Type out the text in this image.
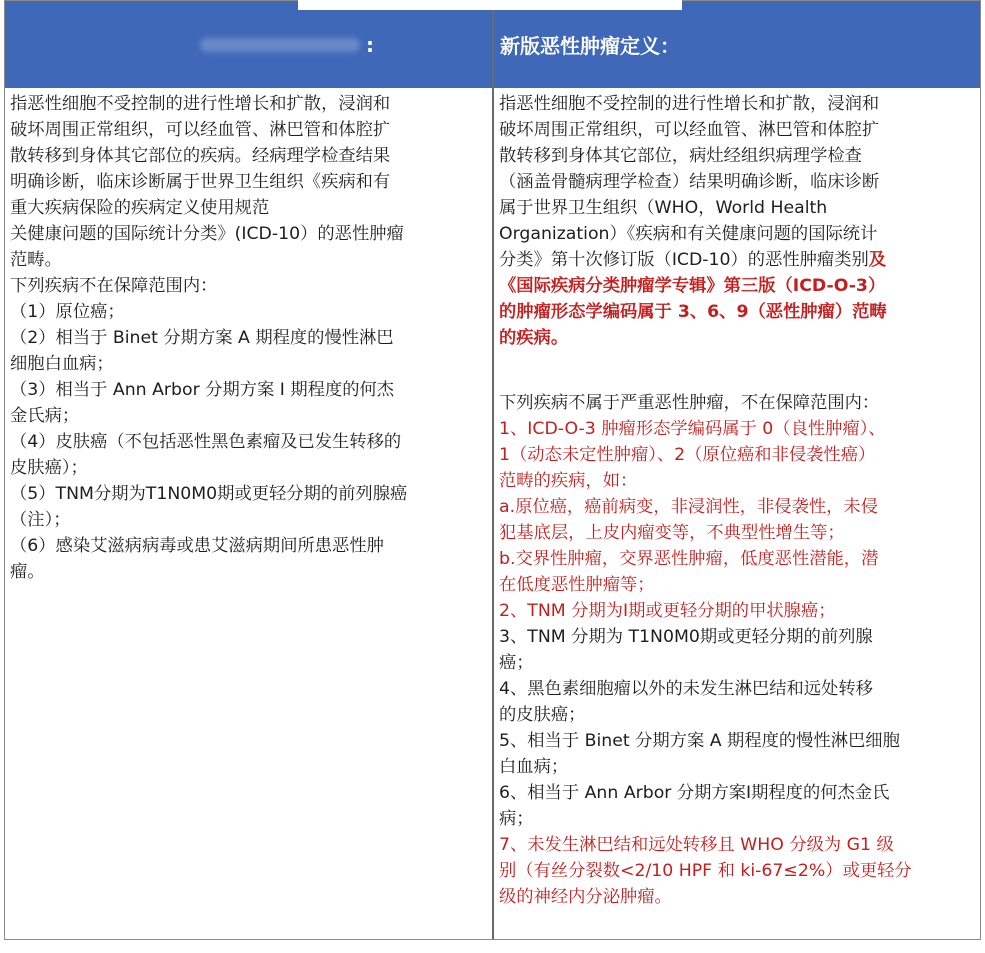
:	新版恶性肿瘤定义：
指恶性细胞不受控制的进行性增长和扩散，浸润和
破坏周围正常组织，可以经血管、淋巴管和体腔扩
散转移到身体其它部位的疾病。经病理学检查结果
明确诊断，临床诊断属于世界卫生组织《疾病和有
重大疾病保险的疾病定义使用规范
关健康问题的国际统计分类》(ICD-10）的恶性肿瘤
范畴。
下列疾病不在保障范围内：
（1）原位癌；
（2）相当于 Binet 分期方案 A 期程度的慢性淋巴
细胞白血病；
（3）相当于 Ann Arbor 分期方案 I 期程度的何杰
金氏病；
（4）皮肤癌（不包括恶性黑色素瘤及已发生转移的
皮肤癌）；
（5）TNM分期为T1N0M0期或更轻分期的前列腺癌
（注）；
（6）感染艾滋病病毒或患艾滋病期间所患恶性肿
瘤。
指恶性细胞不受控制的进行性增长和扩散，浸润和
破坏周围正常组织，可以经血管、淋巴管和体腔扩
散转移到身体其它部位，病灶经组织病理学检查
（涵盖骨髓病理学检查）结果明确诊断，临床诊断
属于世界卫生组织（WHO，World Health
Organization）《疾病和有关健康问题的国际统计
分类》第十次修订版（ICD-10）的恶性肿瘤类别及
《国际疾病分类肿瘤学专辑》第三版（ICD-O-3）
的肿瘤形态学编码属于 3、6、9（恶性肿瘤）范畴
的疾病。
下列疾病不属于严重恶性肿瘤，不在保障范围内：
1、ICD-O-3 肿瘤形态学编码属于 0（良性肿瘤）、
1（动态未定性肿瘤）、2（原位癌和非侵袭性癌）
范畴的疾病，如：
a.原位癌，癌前病变，非浸润性，非侵袭性，未侵
犯基底层，上皮内瘤变等，不典型性增生等；
b.交界性肿瘤，交界恶性肿瘤，低度恶性潜能，潜
在低度恶性肿瘤等；
2、TNM 分期为I期或更轻分期的甲状腺癌；
3、TNM 分期为 T1N0M0期或更轻分期的前列腺
癌；
4、黑色素细胞瘤以外的未发生淋巴结和远处转移
的皮肤癌；
5、相当于 Binet 分期方案 A 期程度的慢性淋巴细胞
白血病；
6、相当于 Ann Arbor 分期方案I期程度的何杰金氏
病；
7、未发生淋巴结和远处转移且 WHO 分级为 G1 级
别（有丝分裂数<2/10 HPF 和 ki-67≤2%）或更轻分
级的神经内分泌肿瘤。
